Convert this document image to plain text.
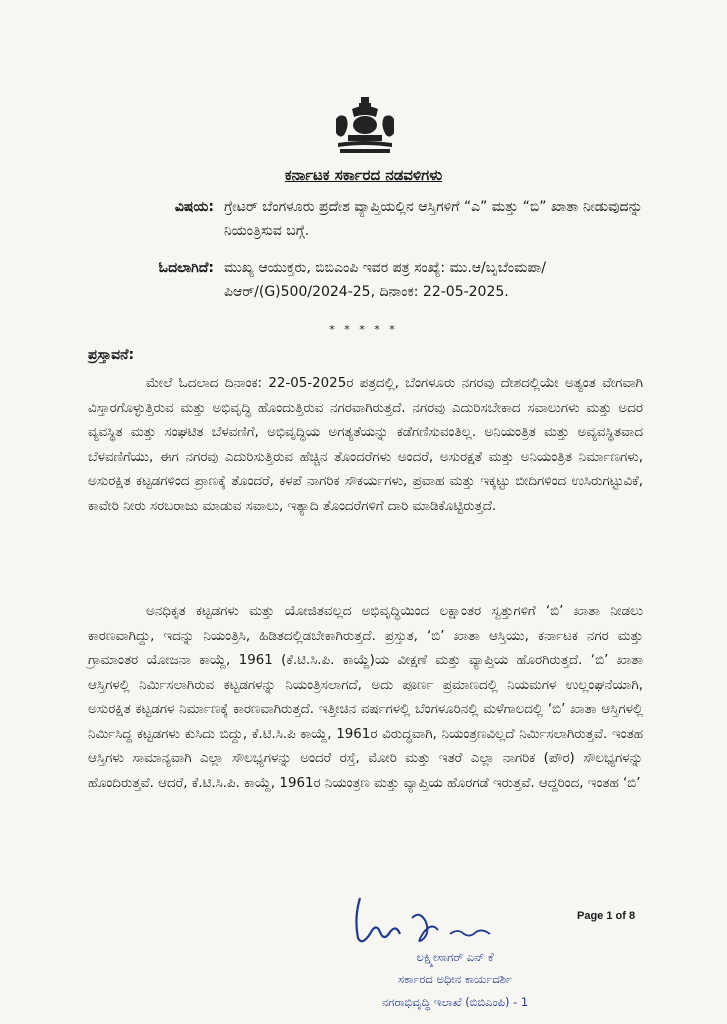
ಕರ್ನಾಟಕ ಸರ್ಕಾರದ ನಡವಳಿಗಳು
ವಿಷಯ: ಗ್ರೇಟರ್ ಬೆಂಗಳೂರು ಪ್ರದೇಶ ವ್ಯಾಪ್ತಿಯಲ್ಲಿನ ಆಸ್ತಿಗಳಿಗೆ “ಎ” ಮತ್ತು “ಬಿ” ಖಾತಾ ನೀಡುವುದನ್ನು ನಿಯಂತ್ರಿಸುವ ಬಗ್ಗೆ.
ಓದಲಾಗಿದೆ: ಮುಖ್ಯ ಆಯುಕ್ತರು, ಬಿಬಿಎಂಪಿ ಇವರ ಪತ್ರ ಸಂಖ್ಯೆ: ಮು.ಆ/ಬೃಬೆಂಮಪಾ/ಪಿಆರ್/(G)500/2024-25, ದಿನಾಂಕ: 22-05-2025.
* * * * *
ಪ್ರಸ್ತಾವನೆ:
ಮೇಲೆ ಓದಲಾದ ದಿನಾಂಕ: 22-05-2025ರ ಪತ್ರದಲ್ಲಿ, ಬೆಂಗಳೂರು ನಗರವು ದೇಶದಲ್ಲಿಯೇ ಅತ್ಯಂತ ವೇಗವಾಗಿ ವಿಸ್ತಾರಗೊಳ್ಳುತ್ತಿರುವ ಮತ್ತು ಅಭಿವೃದ್ಧಿ ಹೊಂದುತ್ತಿರುವ ನಗರವಾಗಿರುತ್ತದೆ. ನಗರವು ಎದುರಿಸಬೇಕಾದ ಸವಾಲುಗಳು ಮತ್ತು ಅದರ ವ್ಯವಸ್ಥಿತ ಮತ್ತು ಸಂಘಟಿತ ಬೆಳವಣಿಗೆ, ಅಭಿವೃದ್ಧಿಯ ಅಗತ್ಯತೆಯನ್ನು ಕಡೆಗಣಿಸುವಂತಿಲ್ಲ. ಅನಿಯಂತ್ರಿತ ಮತ್ತು ಅವ್ಯವಸ್ಥಿತವಾದ ಬೆಳವಣಿಗೆಯು, ಈಗ ನಗರವು ಎದುರಿಸುತ್ತಿರುವ ಹೆಚ್ಚಿನ ತೊಂದರೆಗಳು ಅಂದರೆ, ಅಸುರಕ್ಷತೆ ಮತ್ತು ಅನಿಯಂತ್ರಿತ ನಿರ್ಮಾಣಗಳು, ಅಸುರಕ್ಷಿತ ಕಟ್ಟಡಗಳಿಂದ ಪ್ರಾಣಕ್ಕೆ ತೊಂದರೆ, ಕಳಪೆ ನಾಗರಿಕ ಸೌಕರ್ಯಗಳು, ಪ್ರವಾಹ ಮತ್ತು ಇಕ್ಕಟ್ಟು ಬೀದಿಗಳಿಂದ ಉಸಿರುಗಟ್ಟುವಿಕೆ, ಕಾವೇರಿ ನೀರು ಸರಬರಾಜು ಮಾಡುವ ಸವಾಲು, ಇತ್ಯಾದಿ ತೊಂದರೆಗಳಿಗೆ ದಾರಿ ಮಾಡಿಕೊಟ್ಟಿರುತ್ತದೆ.
ಅನಧಿಕೃತ ಕಟ್ಟಡಗಳು ಮತ್ತು ಯೋಜಿತವಲ್ಲದ ಅಭಿವೃದ್ಧಿಯಿಂದ ಲಕ್ಷಾಂತರ ಸ್ವತ್ತುಗಳಿಗೆ ‘ಬಿ’ ಖಾತಾ ನೀಡಲು ಕಾರಣವಾಗಿದ್ದು, ಇದನ್ನು ನಿಯಂತ್ರಿಸಿ, ಹಿಡಿತದಲ್ಲಿಡಬೇಕಾಗಿರುತ್ತದೆ. ಪ್ರಸ್ತುತ, ‘ಬಿ’ ಖಾತಾ ಆಸ್ತಿಯು, ಕರ್ನಾಟಕ ನಗರ ಮತ್ತು ಗ್ರಾಮಾಂತರ ಯೋಜನಾ ಕಾಯ್ದೆ, 1961 (ಕೆ.ಟಿ.ಸಿ.ಪಿ. ಕಾಯ್ದೆ)ಯ ವೀಕ್ಷಣೆ ಮತ್ತು ವ್ಯಾಪ್ತಿಯ ಹೊರಗಿರುತ್ತದೆ. ‘ಬಿ’ ಖಾತಾ ಆಸ್ತಿಗಳಲ್ಲಿ ನಿರ್ಮಿಸಲಾಗಿರುವ ಕಟ್ಟಡಗಳನ್ನು ನಿಯಂತ್ರಿಸಲಾಗದೆ, ಅದು ಪೂರ್ಣ ಪ್ರಮಾಣದಲ್ಲಿ ನಿಯಮಗಳ ಉಲ್ಲಂಘನೆಯಾಗಿ, ಅಸುರಕ್ಷಿತ ಕಟ್ಟಡಗಳ ನಿರ್ಮಾಣಕ್ಕೆ ಕಾರಣವಾಗಿರುತ್ತದೆ. ಇತ್ತೀಚಿನ ವರ್ಷಗಳಲ್ಲಿ ಬೆಂಗಳೂರಿನಲ್ಲಿ ಮಳೆಗಾಲದಲ್ಲಿ ‘ಬಿ’ ಖಾತಾ ಆಸ್ತಿಗಳಲ್ಲಿ ನಿರ್ಮಿಸಿದ್ದ ಕಟ್ಟಡಗಳು ಕುಸಿದು ಬಿದ್ದು, ಕೆ.ಟಿ.ಸಿ.ಪಿ ಕಾಯ್ದೆ, 1961ರ ವಿರುದ್ಧವಾಗಿ, ನಿಯಂತ್ರಣವಿಲ್ಲದೆ ನಿರ್ಮಿಸಲಾಗಿರುತ್ತವೆ. ಇಂತಹ ಆಸ್ತಿಗಳು ಸಾಮಾನ್ಯವಾಗಿ ಎಲ್ಲಾ ಸೌಲಭ್ಯಗಳನ್ನು ಅಂದರೆ ರಸ್ತೆ, ಮೋರಿ ಮತ್ತು ಇತರೆ ಎಲ್ಲಾ ನಾಗರಿಕ (ಪೌರ) ಸೌಲಭ್ಯಗಳನ್ನು ಹೊಂದಿರುತ್ತವೆ. ಆದರೆ, ಕೆ.ಟಿ.ಸಿ.ಪಿ. ಕಾಯ್ದೆ, 1961ರ ನಿಯಂತ್ರಣ ಮತ್ತು ವ್ಯಾಪ್ತಿಯ ಹೊರಗಡೆ ಇರುತ್ತವೆ. ಆದ್ದರಿಂದ, ಇಂತಹ ‘ಬಿ’
Page 1 of 8
ಲಕ್ಷ್ಮೀಸಾಗರ್ ಎನ್ ಕೆ
ಸರ್ಕಾರದ ಅಧೀನ ಕಾರ್ಯದರ್ಶಿ
ನಗರಾಭಿವೃದ್ಧಿ ಇಲಾಖೆ (ಬಿಬಿಎಂಪಿ) - 1
